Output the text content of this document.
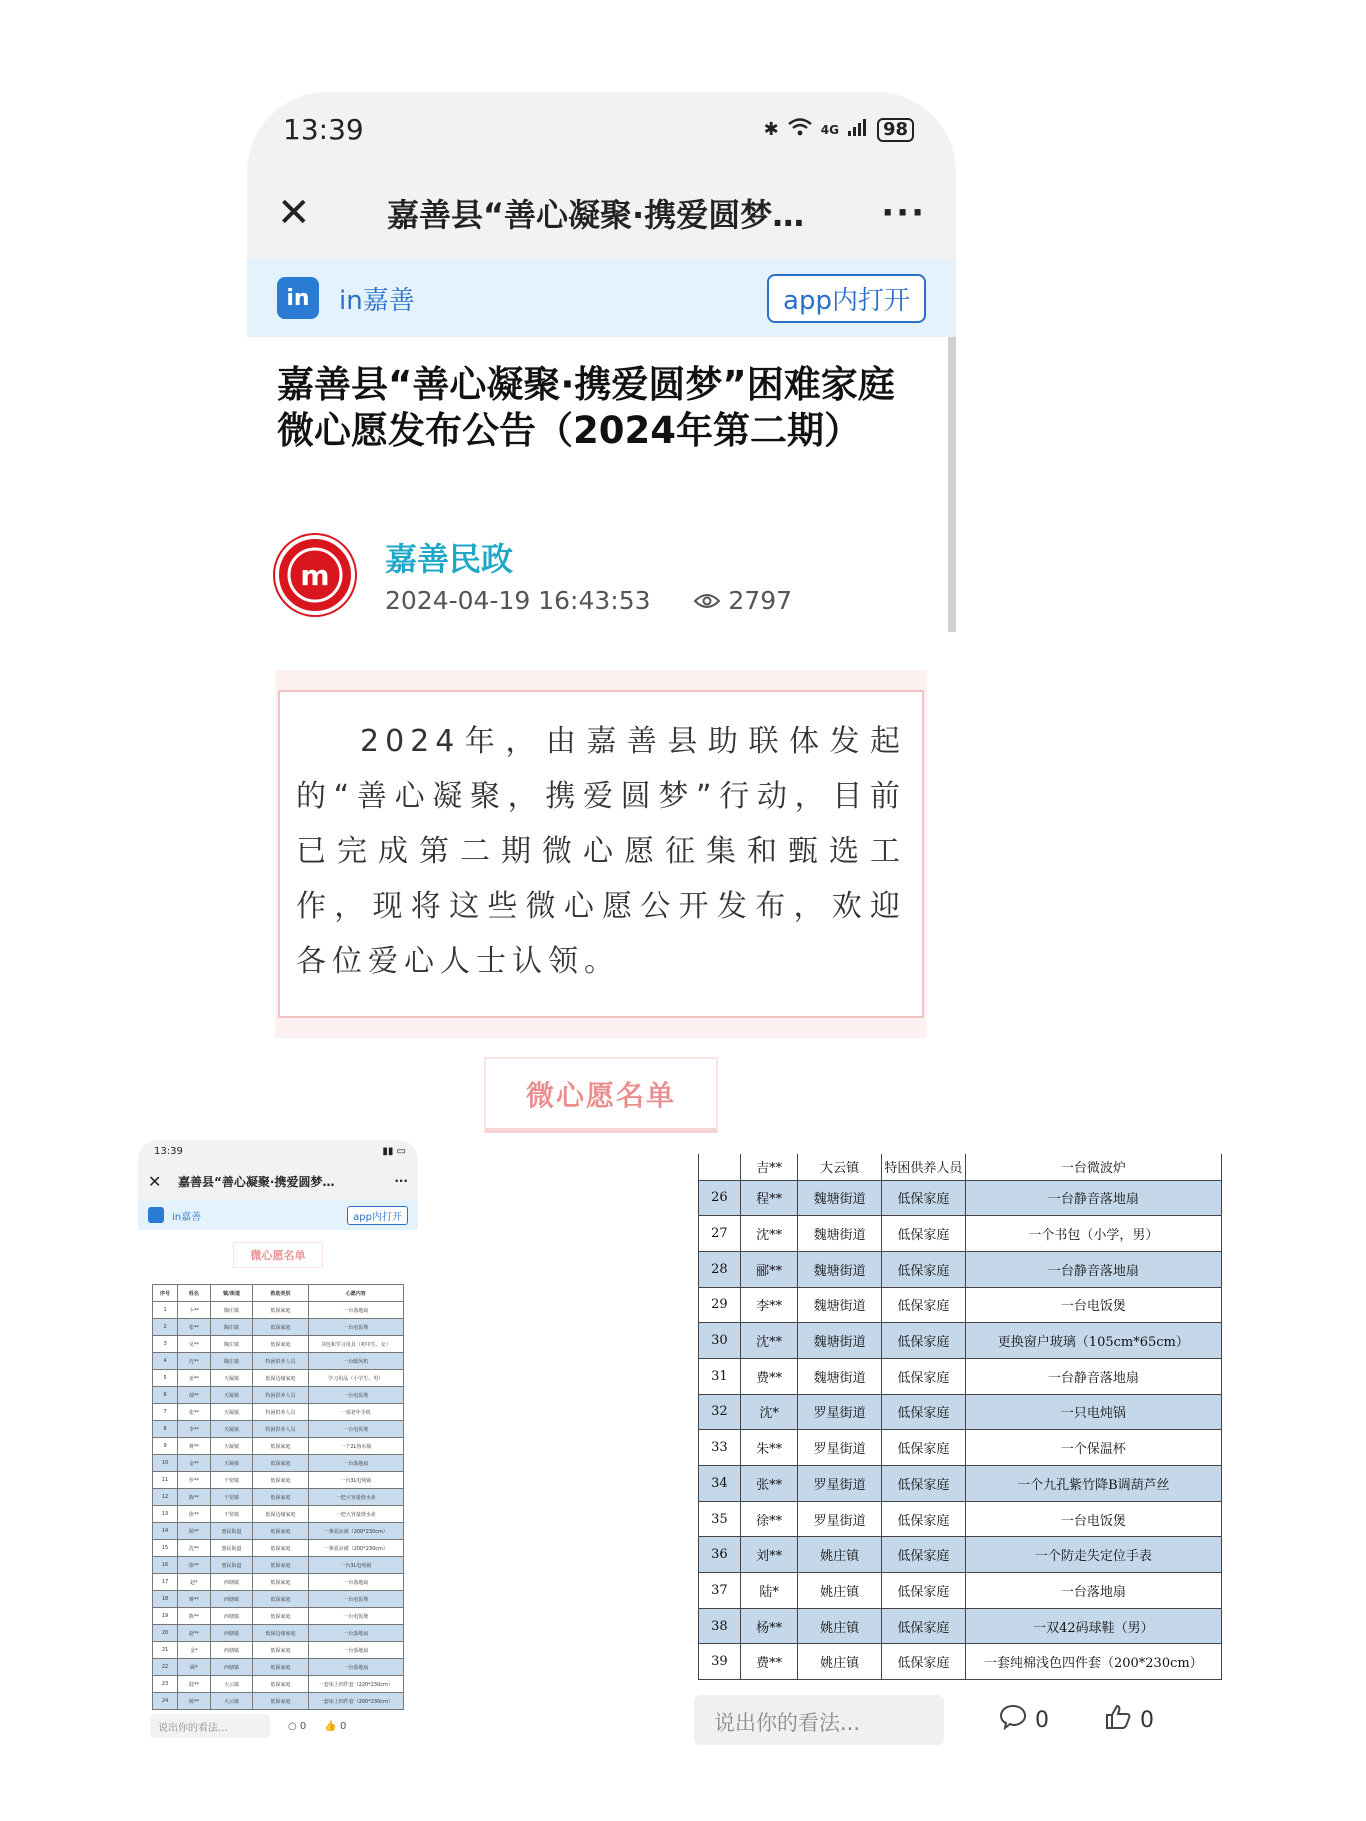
13:39	✱	4G	98
✕	嘉善县“善心凝聚·携爱圆梦…	···
in	in嘉善	app内打开
嘉善县“善心凝聚·携爱圆梦”困难家庭微心愿发布公告（2024年第二期）
m 嘉善民政
2024-04-19 16:43:53	2797

2024年，由嘉善县助联体发起的“善心凝聚，携爱圆梦”行动，目前已完成第二期微心愿征集和甄选工作，现将这些微心愿公开发布，欢迎各位爱心人士认领。

微心愿名单
13:39	▮▮ ▭
✕	嘉善县“善心凝聚·携爱圆梦…	···
in嘉善	app内打开
微心愿名单
序号	姓名	镇/街道	救助类别	心愿内容
1	卜**	陶庄镇	低保家庭	一台落地扇
2	张**	陶庄镇	低保家庭	一台电饭煲
3	吴**	陶庄镇	低保家庭	书包和学习用具（初中生、女）
4	沈**	陶庄镇	特困供养人员	一台暖风机
5	姜**	天凝镇	低保边缘家庭	学习用品（小学生、男）
6	郁**	天凝镇	特困供养人员	一台电饭煲
7	张**	天凝镇	特困供养人员	一部老年手机
8	李**	天凝镇	特困供养人员	一台电饭煲
9	蒋**	天凝镇	低保家庭	一个2L热水瓶
10	金**	天凝镇	低保家庭	一台落地扇
11	罗**	干窑镇	低保家庭	一台3L电炖锅
12	陈**	干窑镇	低保家庭	一把大容量烧水壶
13	徐**	干窑镇	低保边缘家庭	一把大容量烧水壶
14	顾**	惠民街道	低保家庭	一条夏凉被（200*230cm）
15	沈**	惠民街道	低保家庭	一条夏凉被（200*230cm）
16	徐**	惠民街道	低保家庭	一台3L电炖锅
17	赵*	西塘镇	低保家庭	一台落地扇
18	蒋**	西塘镇	低保家庭	一台电饭煲
19	陈**	西塘镇	低保家庭	一台电饭煲
20	赵**	西塘镇	低保边缘家庭	一台落地扇
21	金*	西塘镇	低保家庭	一台落地扇
22	顾*	西塘镇	低保家庭	一台落地扇
23	陆**	大云镇	低保家庭	一套床上四件套（220*230cm）
24	杨**	大云镇	低保家庭	一套床上四件套（200*230cm）
说出你的看法...	○ 0 👍 0
	吉**	大云镇	特困供养人员	一台微波炉
26	程**	魏塘街道	低保家庭	一台静音落地扇
27	沈**	魏塘街道	低保家庭	一个书包（小学，男）
28	郦**	魏塘街道	低保家庭	一台静音落地扇
29	李**	魏塘街道	低保家庭	一台电饭煲
30	沈**	魏塘街道	低保家庭	更换窗户玻璃（105cm*65cm）
31	费**	魏塘街道	低保家庭	一台静音落地扇
32	沈*	罗星街道	低保家庭	一只电炖锅
33	朱**	罗星街道	低保家庭	一个保温杯
34	张**	罗星街道	低保家庭	一个九孔紫竹降B调葫芦丝
35	徐**	罗星街道	低保家庭	一台电饭煲
36	刘**	姚庄镇	低保家庭	一个防走失定位手表
37	陆*	姚庄镇	低保家庭	一台落地扇
38	杨**	姚庄镇	低保家庭	一双42码球鞋（男）
39	费**	姚庄镇	低保家庭	一套纯棉浅色四件套（200*230cm）
说出你的看法...	0	0
